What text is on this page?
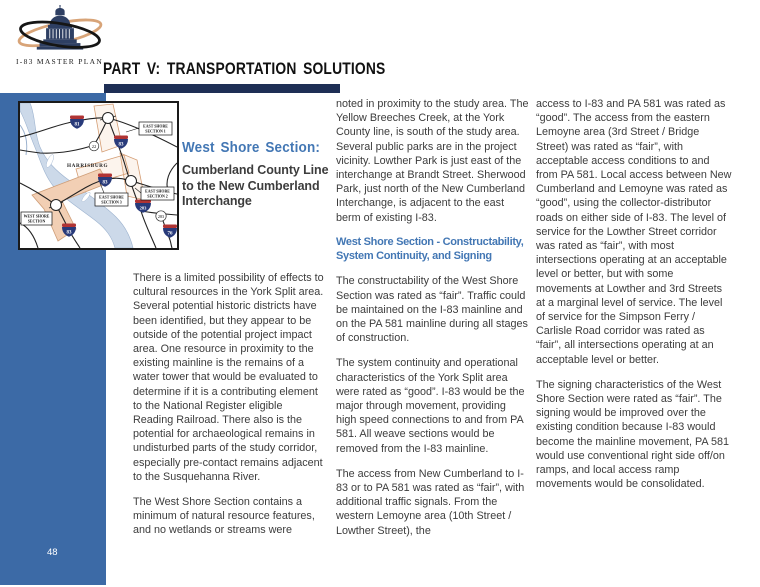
I-83 MASTER PLAN PART V: TRANSPORTATION SOLUTIONS
48
HARRISBURG
81
22	83
83
283
283
76
83
EAST SHORE
SECTION 1
EAST SHORE
SECTION 2
EAST SHORE
SECTION 3
WEST SHORE
SECTION
West Shore Section:
Cumberland County Line to the New Cumberland Interchange

There is a limited possibility of effects to cultural resources in the York Split area. Several potential historic districts have been identified, but they appear to be outside of the potential project impact area. One resource in proximity to the existing mainline is the remains of a water tower that would be evaluated to determine if it is a contributing element to the National Register eligible Reading Railroad. There also is the potential for archaeological remains in undisturbed parts of the study corridor, especially pre-contact remains adjacent to the Susquehanna River.

The West Shore Section contains a minimum of natural resource features, and no wetlands or streams were

noted in proximity to the study area. The Yellow Breeches Creek, at the York County line, is south of the study area. Several public parks are in the project vicinity. Lowther Park is just east of the interchange at Brandt Street. Sherwood Park, just north of the New Cumberland Interchange, is adjacent to the east berm of existing I-83.

West Shore Section - Constructability, System Continuity, and Signing

The constructability of the West Shore Section was rated as “fair”. Traffic could be maintained on the I-83 mainline and on the PA 581 mainline during all stages of construction.

The system continuity and operational characteristics of the York Split area were rated as “good”. I-83 would be the major through movement, providing high speed connections to and from PA 581. All weave sections would be removed from the I-83 mainline.

The access from New Cumberland to I-83 or to PA 581 was rated as “fair”, with additional traffic signals. From the western Lemoyne area (10th Street / Lowther Street), the

access to I-83 and PA 581 was rated as “good”. The access from the eastern Lemoyne area (3rd Street / Bridge Street) was rated as “fair”, with acceptable access conditions to and from PA 581. Local access between New Cumberland and Lemoyne was rated as “good”, using the collector-distributor roads on either side of I-83. The level of service for the Lowther Street corridor was rated as “fair”, with most intersections operating at an acceptable level or better, but with some movements at Lowther and 3rd Streets at a marginal level of service. The level of service for the Simpson Ferry / Carlisle Road corridor was rated as “fair”, all intersections operating at an acceptable level or better.

The signing characteristics of the West Shore Section were rated as “fair”. The signing would be improved over the existing condition because I-83 would become the mainline movement, PA 581 would use conventional right side off/on ramps, and local access ramp movements would be consolidated.
